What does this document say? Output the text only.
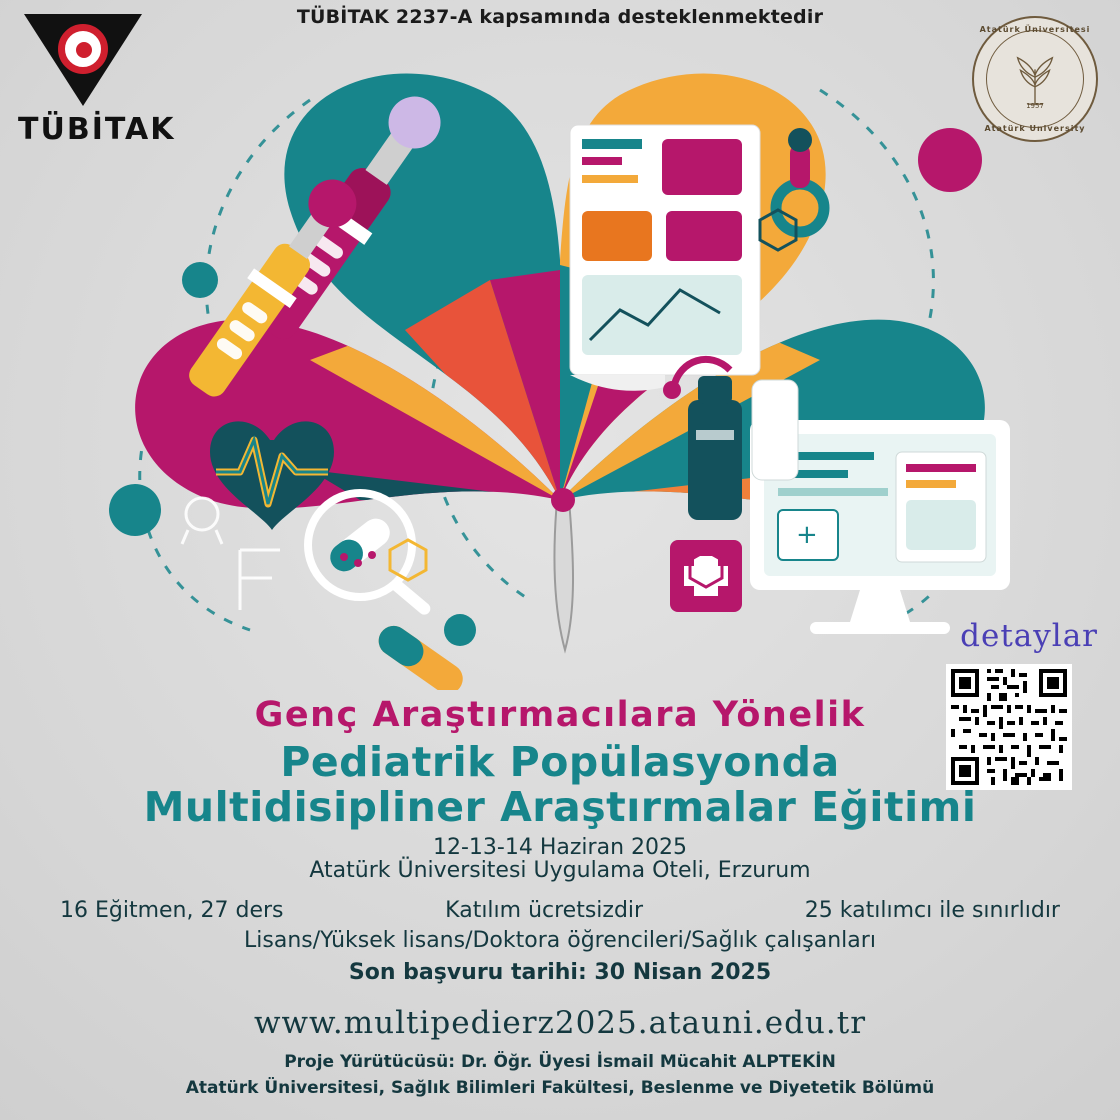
TÜBİTAK 2237-A kapsamında desteklenmektedir
TÜBİTAK
Atatürk Üniversitesi
1957
Atatürk University
+
detaylar
Genç Araştırmacılara Yönelik
Pediatrik Popülasyonda
Multidisipliner Araştırmalar Eğitimi
12-13-14 Haziran 2025
Atatürk Üniversitesi Uygulama Oteli, Erzurum
16 Eğitmen, 27 ders	Katılım ücretsizdir	25 katılımcı ile sınırlıdır
Lisans/Yüksek lisans/Doktora öğrencileri/Sağlık çalışanları
Son başvuru tarihi: 30 Nisan 2025
www.multipedierz2025.atauni.edu.tr
Proje Yürütücüsü: Dr. Öğr. Üyesi İsmail Mücahit ALPTEKİN
Atatürk Üniversitesi, Sağlık Bilimleri Fakültesi, Beslenme ve Diyetetik Bölümü
